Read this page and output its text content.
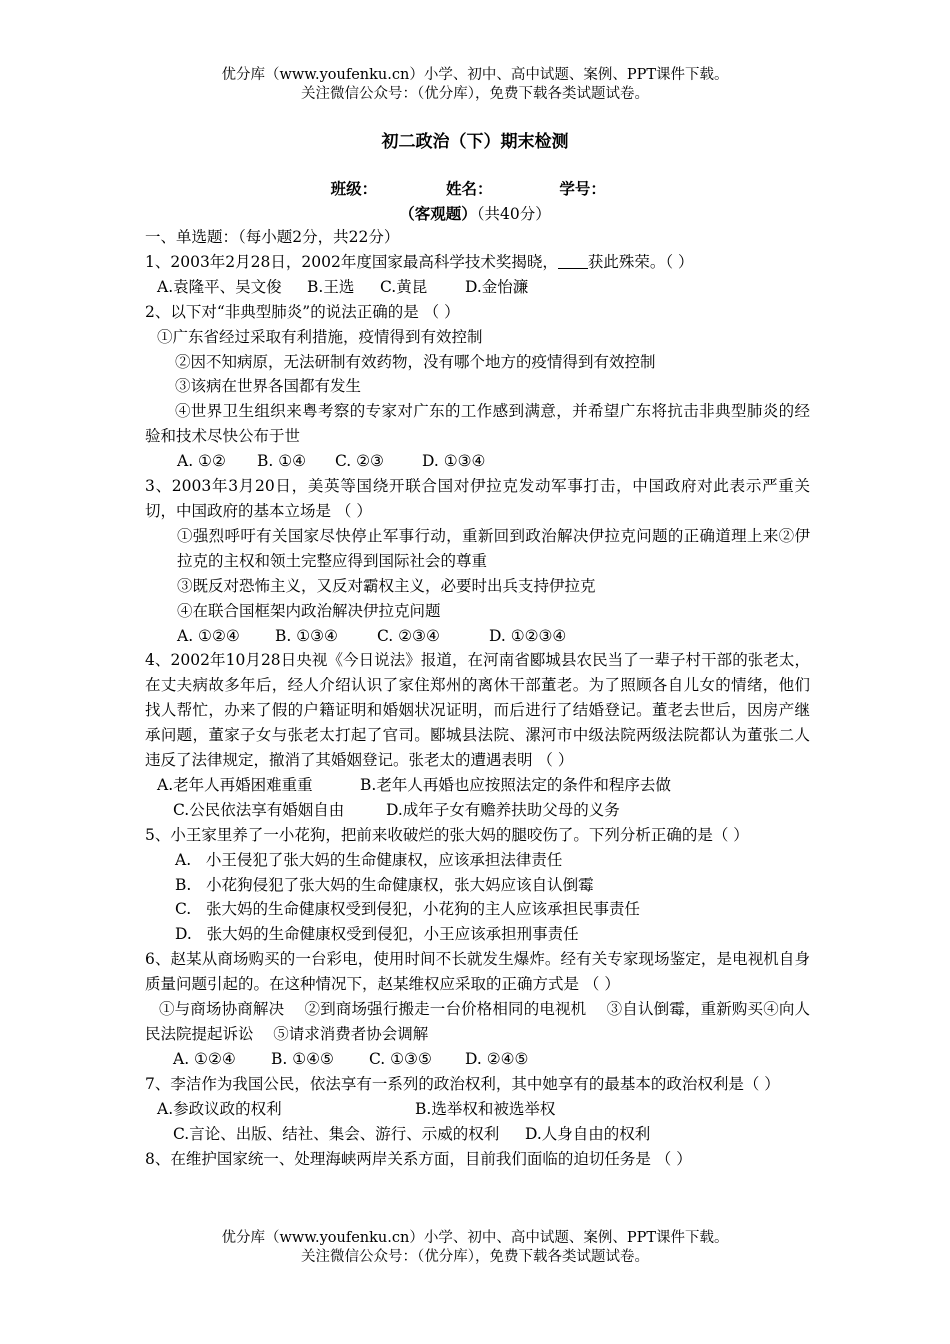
优分库（www.youfenku.cn）小学、初中、高中试题、案例、PPT课件下载。
关注微信公众号：（优分库），免费下载各类试题试卷。
初二政治（下）期末检测
班级：	姓名：	学号：
（客观题）（共40分）
一、单选题：（每小题2分，共22分）
1、2003年2月28日，2002年度国家最高科学技术奖揭晓， 获此殊荣。（ ）
A.袁隆平、吴文俊 B.王选 C.黄昆 D.金怡濂
2、以下对“非典型肺炎”的说法正确的是 （ ）
①广东省经过采取有利措施，疫情得到有效控制
②因不知病原，无法研制有效药物，没有哪个地方的疫情得到有效控制
③该病在世界各国都有发生
④世界卫生组织来粤考察的专家对广东的工作感到满意，并希望广东将抗击非典型肺炎的经验和技术尽快公布于世
A. ①② B. ①④ C. ②③ D. ①③④
3、2003年3月20日，美英等国绕开联合国对伊拉克发动军事打击，中国政府对此表示严重关切，中国政府的基本立场是 （ ）
①强烈呼吁有关国家尽快停止军事行动，重新回到政治解决伊拉克问题的正确道理上来②伊拉克的主权和领土完整应得到国际社会的尊重
③既反对恐怖主义，又反对霸权主义，必要时出兵支持伊拉克
④在联合国框架内政治解决伊拉克问题
A. ①②④ B. ①③④	C. ②③④	D. ①②③④
4、2002年10月28日央视《今日说法》报道，在河南省郾城县农民当了一辈子村干部的张老太，在丈夫病故多年后，经人介绍认识了家住郑州的离休干部董老。为了照顾各自儿女的情绪，他们找人帮忙，办来了假的户籍证明和婚姻状况证明，而后进行了结婚登记。董老去世后，因房产继承问题，董家子女与张老太打起了官司。郾城县法院、漯河市中级法院两级法院都认为董张二人违反了法律规定，撤消了其婚姻登记。张老太的遭遇表明 （ ）
A.老年人再婚困难重重	B.老年人再婚也应按照法定的条件和程序去做
C.公民依法享有婚姻自由	D.成年子女有赡养扶助父母的义务
5、小王家里养了一小花狗，把前来收破烂的张大妈的腿咬伤了。下列分析正确的是（ ）
A.   小王侵犯了张大妈的生命健康权，应该承担法律责任
B.   小花狗侵犯了张大妈的生命健康权，张大妈应该自认倒霉
C.   张大妈的生命健康权受到侵犯，小花狗的主人应该承担民事责任
D.   张大妈的生命健康权受到侵犯，小王应该承担刑事责任
6、赵某从商场购买的一台彩电，使用时间不长就发生爆炸。经有关专家现场鉴定，是电视机自身质量问题引起的。在这种情况下，赵某维权应采取的正确方式是 （ ）
①与商场协商解决    ②到商场强行搬走一台价格相同的电视机    ③自认倒霉，重新购买④向人民法院提起诉讼    ⑤请求消费者协会调解
A. ①②④ B. ①④⑤ C. ①③⑤ D. ②④⑤
7、李洁作为我国公民，依法享有一系列的政治权利，其中她享有的最基本的政治权利是（ ）
A.参政议政的权利	B.选举权和被选举权
C.言论、出版、结社、集会、游行、示威的权利 D.人身自由的权利
8、在维护国家统一、处理海峡两岸关系方面，目前我们面临的迫切任务是 （ ）
优分库（www.youfenku.cn）小学、初中、高中试题、案例、PPT课件下载。
关注微信公众号：（优分库），免费下载各类试题试卷。
